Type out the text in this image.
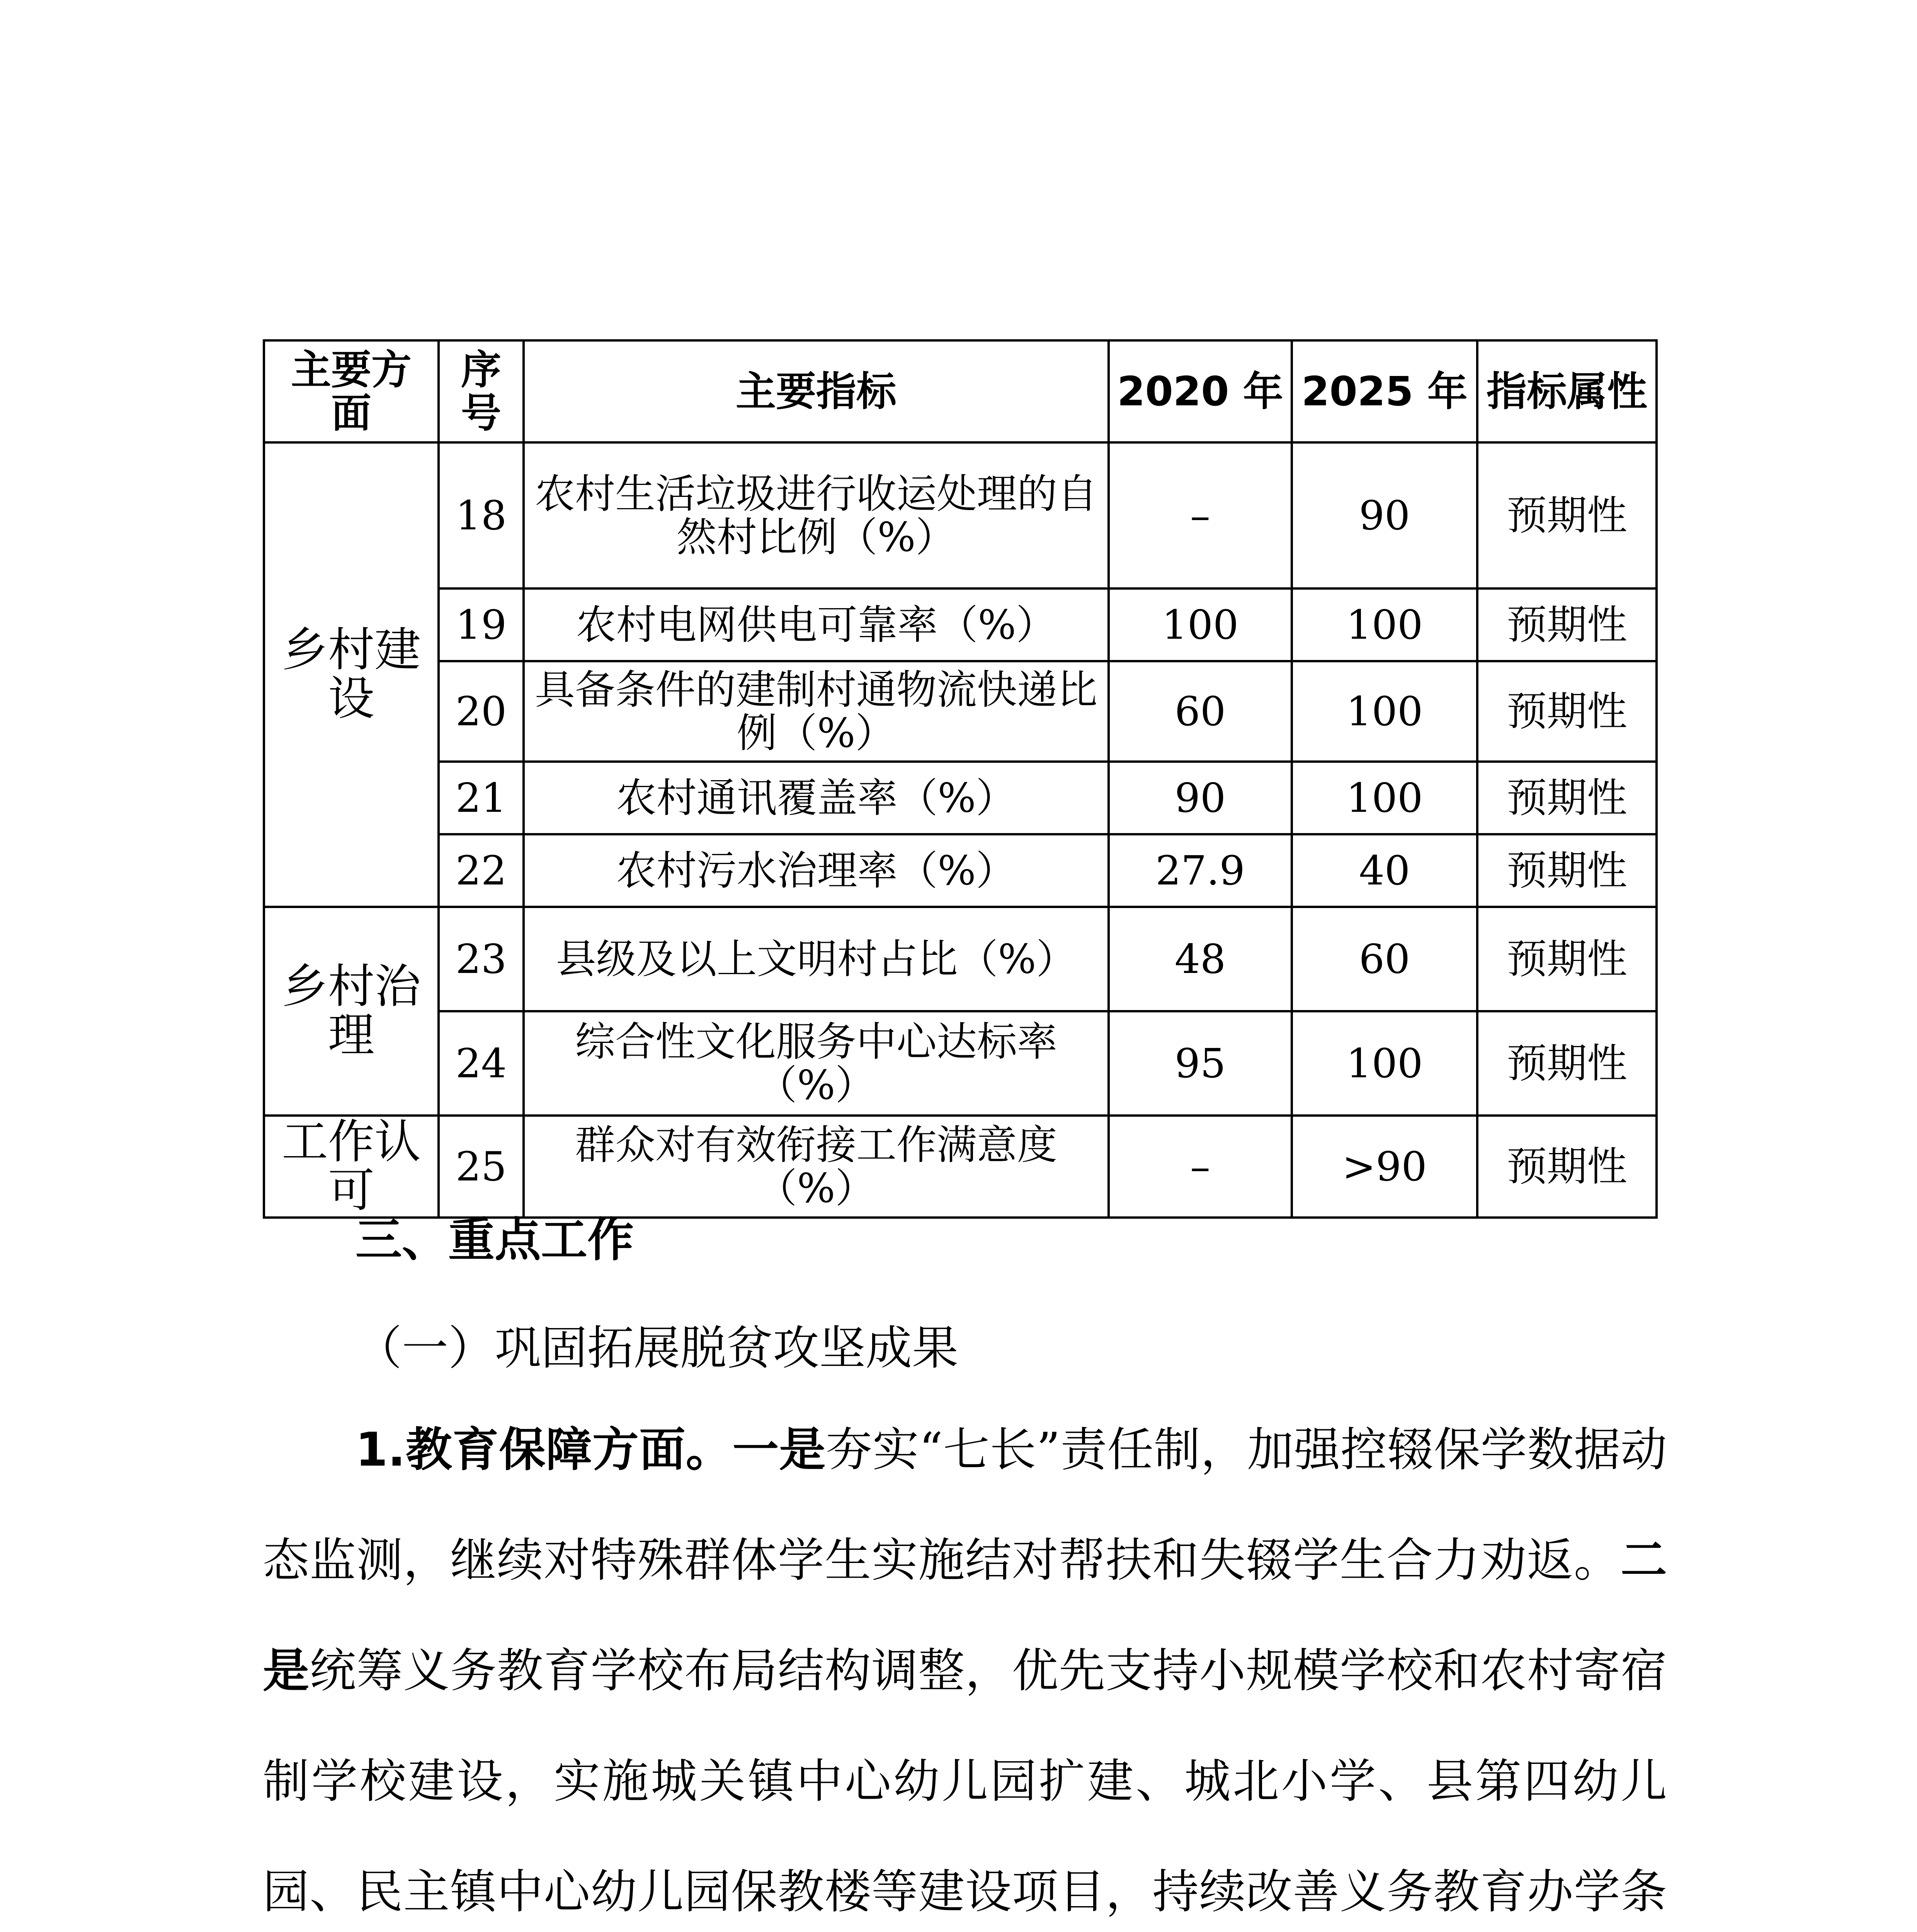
主要方面	序号	主要指标	2020 年	2025 年	指标属性
乡村建设	18	农村生活垃圾进行收运处理的自然村比例（%）	–	90	预期性
	19	农村电网供电可靠率（%）	100	100	预期性
	20	具备条件的建制村通物流快递比例（%）	60	100	预期性
	21	农村通讯覆盖率（%）	90	100	预期性
	22	农村污水治理率（%）	27.9	40	预期性
乡村治理	23	县级及以上文明村占比（%）	48	60	预期性
	24	综合性文化服务中心达标率（%）	95	100	预期性
工作认可	25	群众对有效衔接工作满意度（%）	–	>90	预期性
三、重点工作
（一）巩固拓展脱贫攻坚成果

1.教育保障方面。一是夯实“七长”责任制，加强控辍保学数据动态监测，继续对特殊群体学生实施结对帮扶和失辍学生合力劝返。二是统筹义务教育学校布局结构调整，优先支持小规模学校和农村寄宿制学校建设，实施城关镇中心幼儿园扩建、城北小学、县第四幼儿园、民主镇中心幼儿园保教楼等建设项目，持续改善义务教育办学条
